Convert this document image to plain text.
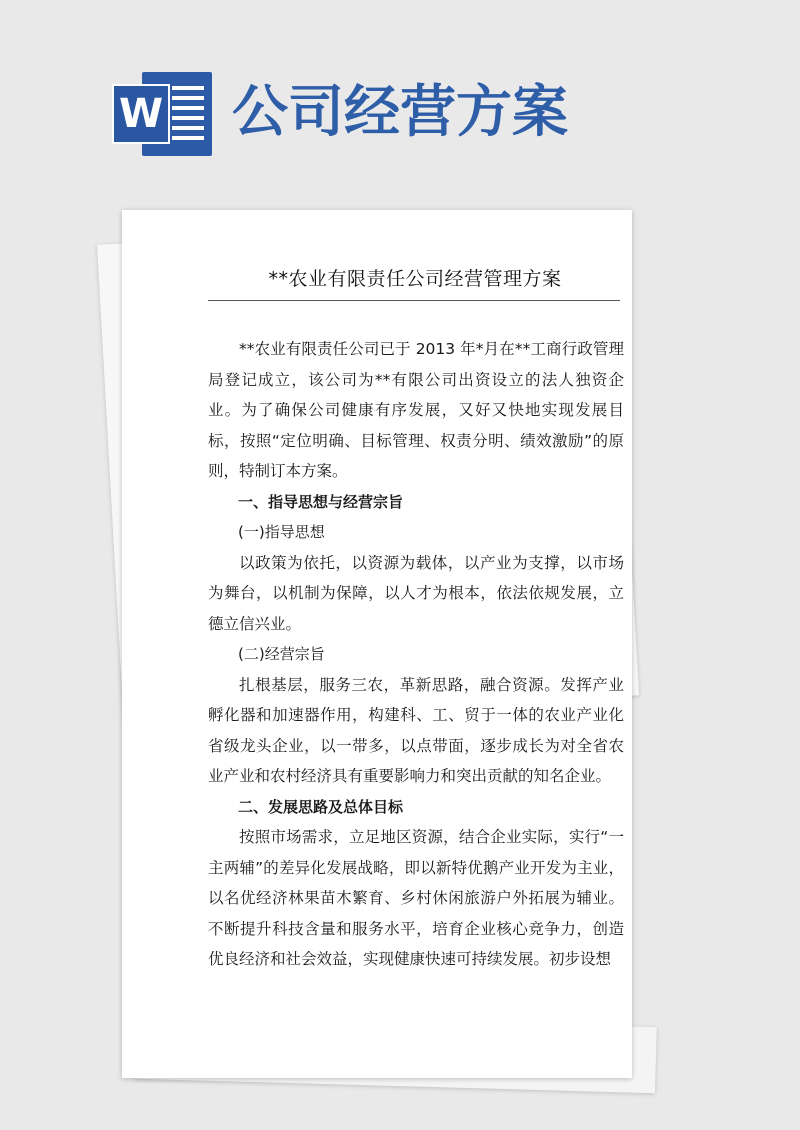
W 公司经营方案
**农业有限责任公司经营管理方案

**农业有限责任公司已于 2013 年*月在**工商行政管理局登记成立，该公司为**有限公司出资设立的法人独资企业。为了确保公司健康有序发展，又好又快地实现发展目标，按照“定位明确、目标管理、权责分明、绩效激励”的原则，特制订本方案。

一、指导思想与经营宗旨
(一)指导思想

以政策为依托，以资源为载体，以产业为支撑，以市场为舞台，以机制为保障，以人才为根本，依法依规发展，立德立信兴业。

(二)经营宗旨

扎根基层，服务三农，革新思路，融合资源。发挥产业孵化器和加速器作用，构建科、工、贸于一体的农业产业化省级龙头企业，以一带多，以点带面，逐步成长为对全省农业产业和农村经济具有重要影响力和突出贡献的知名企业。

二、发展思路及总体目标

按照市场需求，立足地区资源，结合企业实际，实行“一主两辅”的差异化发展战略，即以新特优鹅产业开发为主业，以名优经济林果苗木繁育、乡村休闲旅游户外拓展为辅业。不断提升科技含量和服务水平，培育企业核心竞争力，创造优良经济和社会效益，实现健康快速可持续发展。初步设想
